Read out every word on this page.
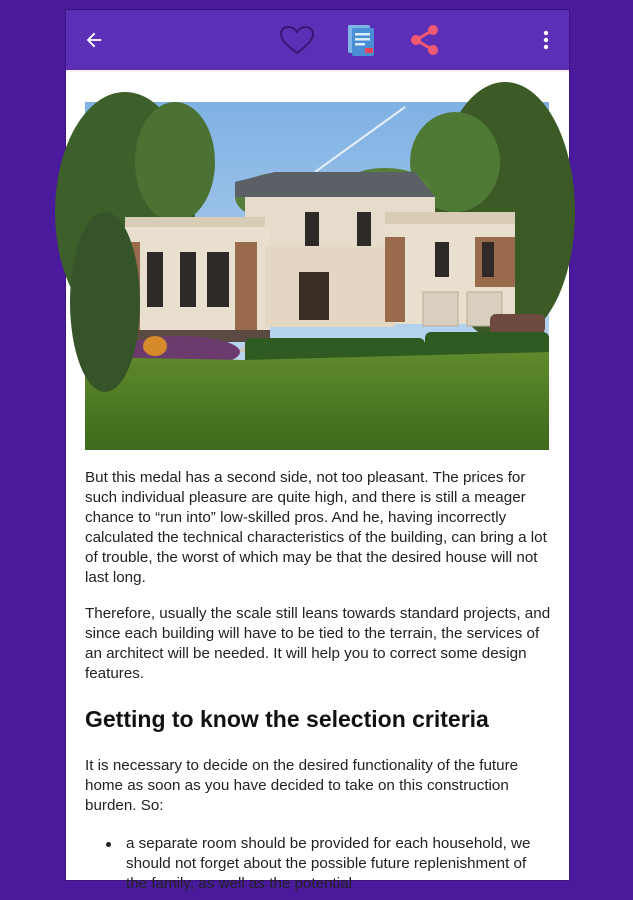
But this medal has a second side, not too pleasant. The prices for such individual pleasure are quite high, and there is still a meager chance to “run into” low-skilled pros. And he, having incorrectly calculated the technical characteristics of the building, can bring a lot of trouble, the worst of which may be that the desired house will not last long.

Therefore, usually the scale still leans towards standard projects, and since each building will have to be tied to the terrain, the services of an architect will be needed. It will help you to correct some design features.

Getting to know the selection criteria

It is necessary to decide on the desired functionality of the future home as soon as you have decided to take on this construction burden. So:

a separate room should be provided for each household, we should not forget about the possible future replenishment of the family, as well as the potential
